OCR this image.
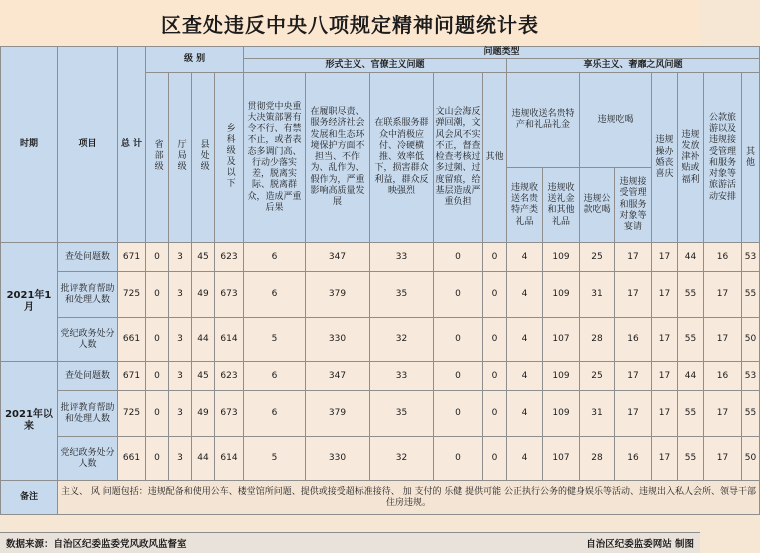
区查处违反中央八项规定精神问题统计表
时期	项目	总 计	级 别				问题类型												
							形式主义、官僚主义问题					享乐主义、奢靡之风问题							
			省部级	厅局级	县处级	乡科级及以下	贯彻党中央重大决策部署有令不行、有禁不止，或者表态多调门高、行动少落实差，脱离实际、脱离群众，造成严重后果	在履职尽责、服务经济社会发展和生态环境保护方面不担当、不作为、乱作为、假作为，严重影响高质量发展	在联系服务群众中消极应付、冷硬横推、效率低下，损害群众利益，群众反映强烈	文山会海反弹回潮，文风会风不实不正，督查检查考核过多过频、过度留痕，给基层造成严重负担	其他	违规收送名贵特产和礼品礼金		违规吃喝		违规操办婚丧喜庆	违规发放津补贴或福利	公款旅游以及违规接受管理和服务对象等旅游活动安排	其他
												违规收送名贵特产类礼品	违规收送礼金和其他礼品	违规公款吃喝	违规接受管理和服务对象等宴请				
2021年1月	查处问题数	671	0	3	45	623	6	347	33	0	0	4	109	25	17	17	44	16	53
	批评教育帮助和处理人数	725	0	3	49	673	6	379	35	0	0	4	109	31	17	17	55	17	55
	党纪政务处分人数	661	0	3	44	614	5	330	32	0	0	4	107	28	16	17	55	17	50
2021年以来	查处问题数	671	0	3	45	623	6	347	33	0	0	4	109	25	17	17	44	16	53
	批评教育帮助和处理人数	725	0	3	49	673	6	379	35	0	0	4	109	31	17	17	55	17	55
	党纪政务处分人数	661	0	3	44	614	5	330	32	0	0	4	107	28	16	17	55	17	50
备注	主义、 风 问题包括：违规配备和使用公车、楼堂馆所问题、提供或接受超标准接待、 加 支付的 乐健 提供可能 公正执行公务的健身娱乐等活动、违规出入私人会所、领导干部住房违规。																		
数据来源：自治区纪委监委党风政风监督室	自治区纪委监委网站 制图
